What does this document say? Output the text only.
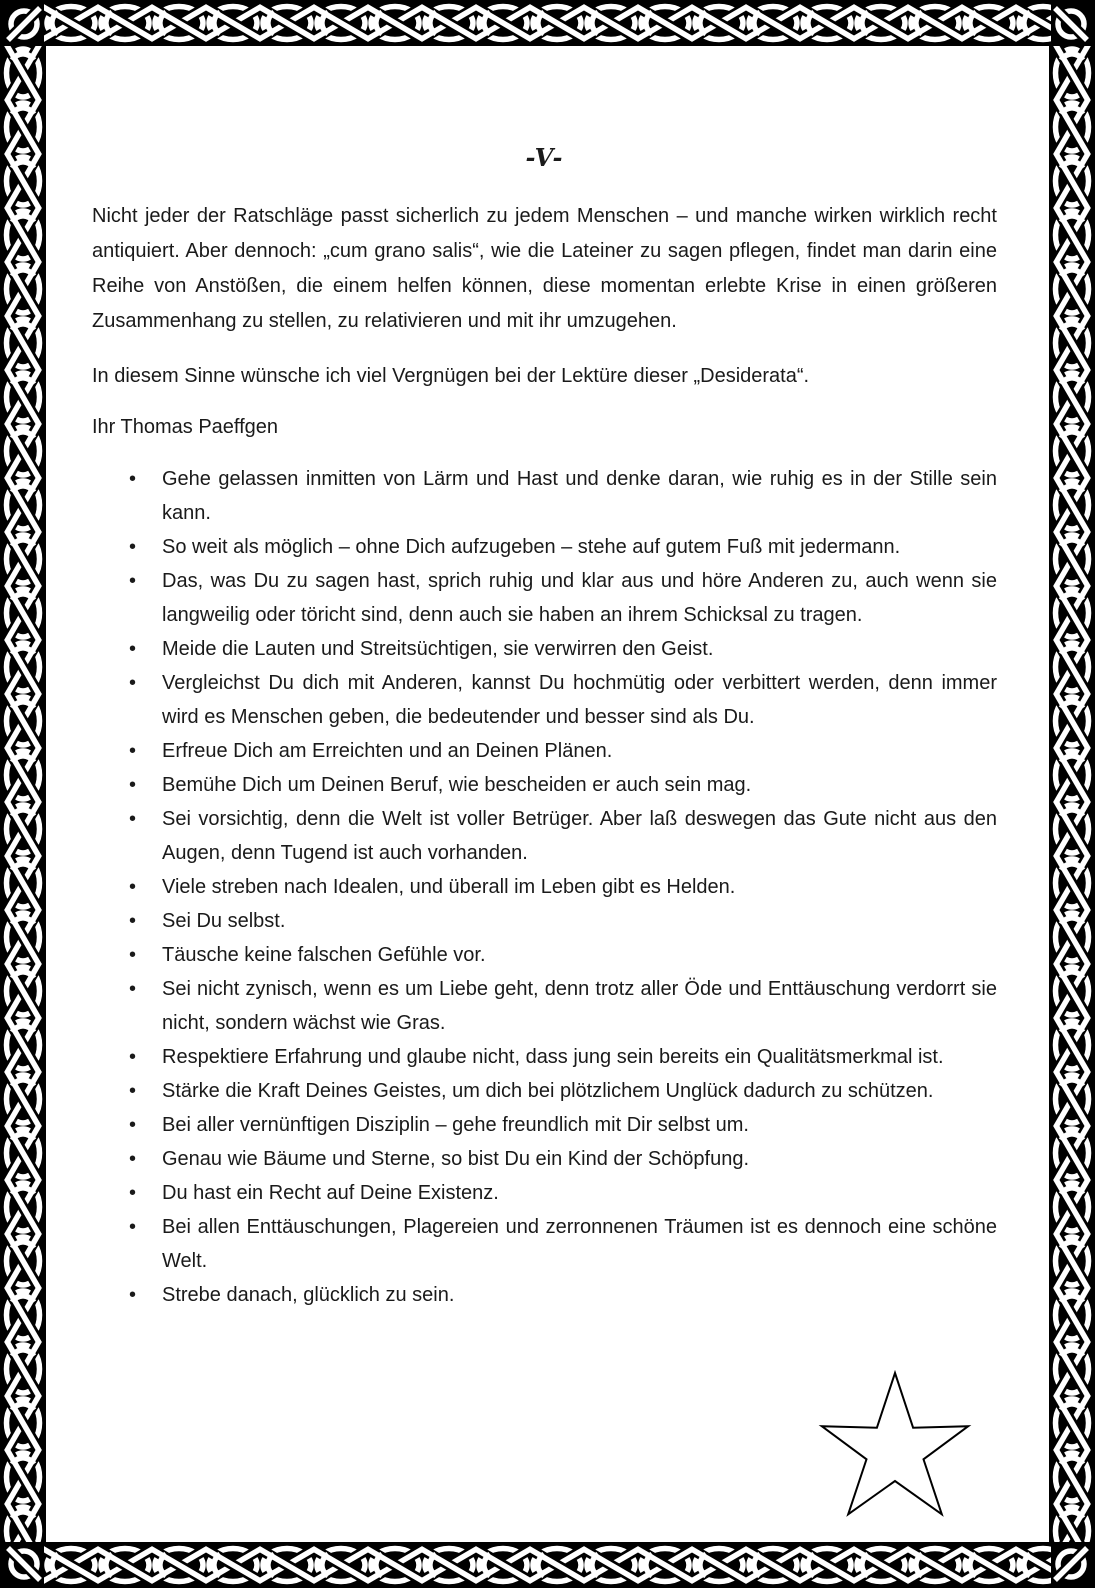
-V-

Nicht jeder der Ratschläge passt sicherlich zu jedem Menschen – und manche wirken wirklich recht antiquiert. Aber dennoch: „cum grano salis“, wie die Lateiner zu sagen pflegen, findet man darin eine Reihe von Anstößen, die einem helfen können, diese momentan erlebte Krise in einen größeren Zusammenhang zu stellen, zu relativieren und mit ihr umzugehen.

In diesem Sinne wünsche ich viel Vergnügen bei der Lektüre dieser „Desiderata“.

Ihr Thomas Paeffgen

• Gehe gelassen inmitten von Lärm und Hast und denke daran, wie ruhig es in der Stille sein kann.
• So weit als möglich – ohne Dich aufzugeben – stehe auf gutem Fuß mit jedermann.
• Das, was Du zu sagen hast, sprich ruhig und klar aus und höre Anderen zu, auch wenn sie langweilig oder töricht sind, denn auch sie haben an ihrem Schicksal zu tragen.
• Meide die Lauten und Streitsüchtigen, sie verwirren den Geist.
• Vergleichst Du dich mit Anderen, kannst Du hochmütig oder verbittert werden, denn immer wird es Menschen geben, die bedeutender und besser sind als Du.
• Erfreue Dich am Erreichten und an Deinen Plänen.
• Bemühe Dich um Deinen Beruf, wie bescheiden er auch sein mag.
• Sei vorsichtig, denn die Welt ist voller Betrüger. Aber laß deswegen das Gute nicht aus den Augen, denn Tugend ist auch vorhanden.
• Viele streben nach Idealen, und überall im Leben gibt es Helden.
• Sei Du selbst.
• Täusche keine falschen Gefühle vor.
• Sei nicht zynisch, wenn es um Liebe geht, denn trotz aller Öde und Enttäuschung verdorrt sie nicht, sondern wächst wie Gras.
• Respektiere Erfahrung und glaube nicht, dass jung sein bereits ein Qualitätsmerkmal ist.
• Stärke die Kraft Deines Geistes, um dich bei plötzlichem Unglück dadurch zu schützen.
• Bei aller vernünftigen Disziplin – gehe freundlich mit Dir selbst um.
• Genau wie Bäume und Sterne, so bist Du ein Kind der Schöpfung.
• Du hast ein Recht auf Deine Existenz.
• Bei allen Enttäuschungen, Plagereien und zerronnenen Träumen ist es dennoch eine schöne Welt.
• Strebe danach, glücklich zu sein.
